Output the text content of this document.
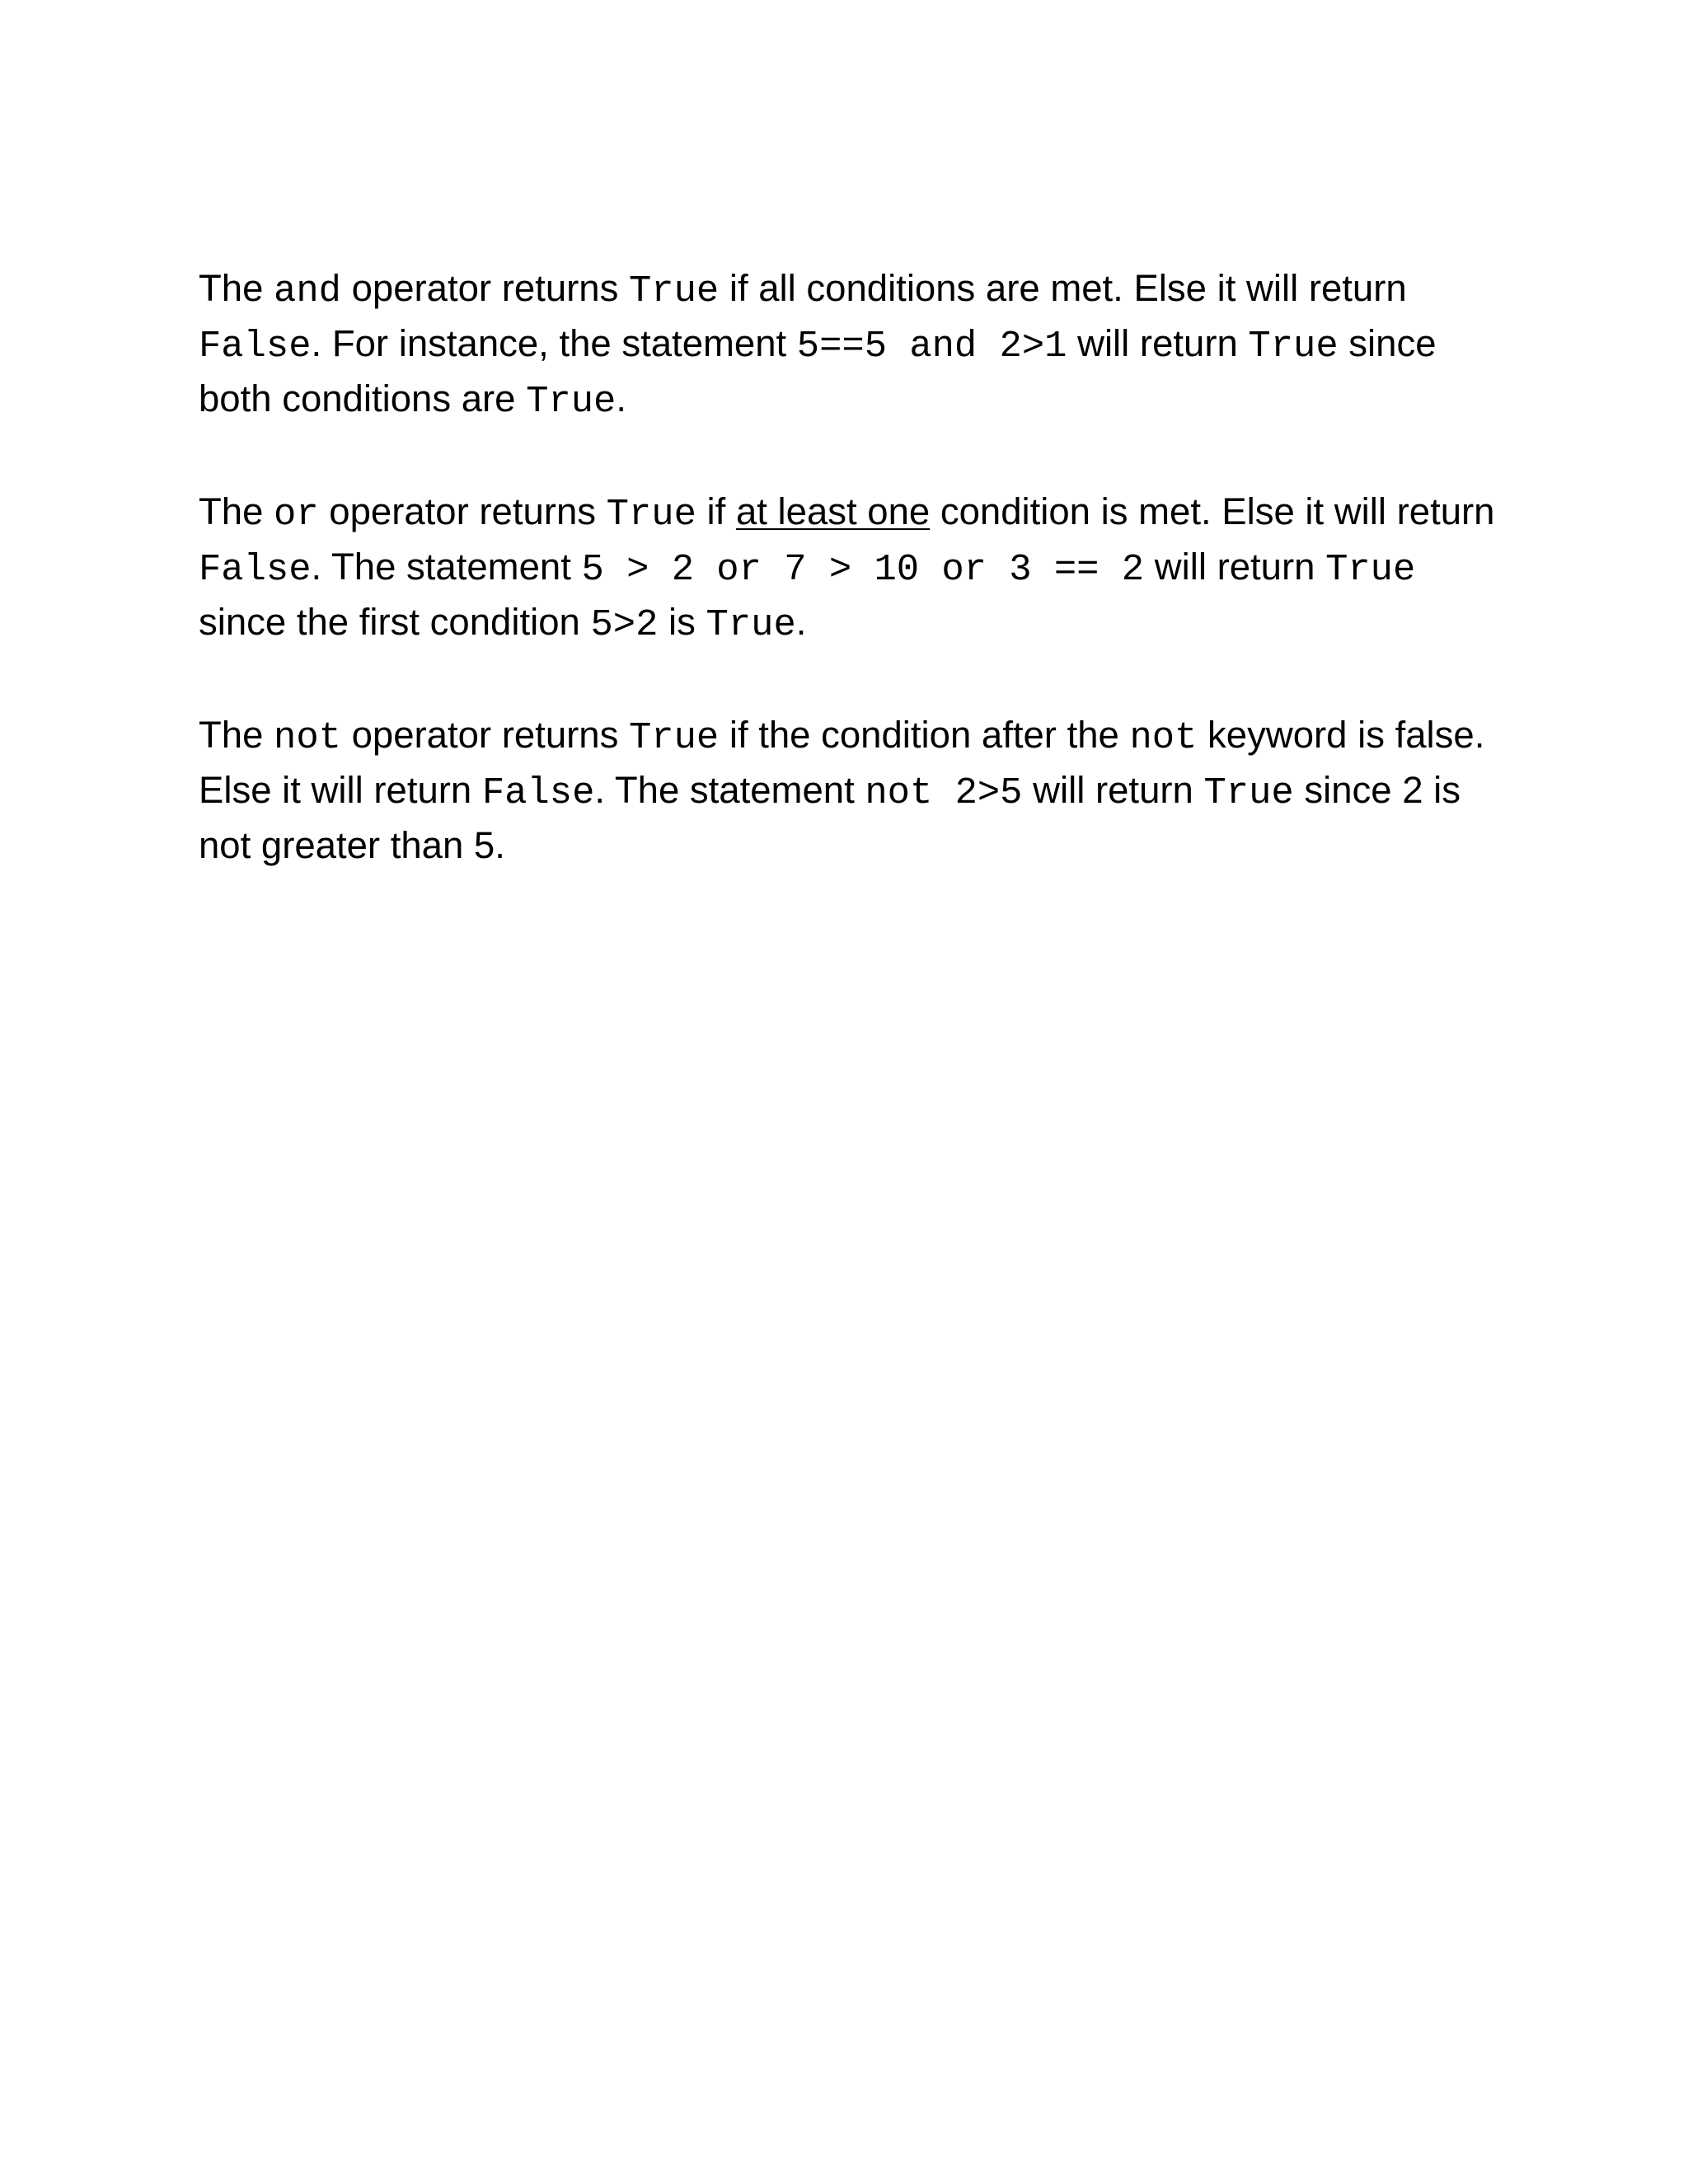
The and operator returns True if all conditions are met. Else it will return False. For instance, the statement 5==5 and 2>1 will return True since both conditions are True.

The or operator returns True if at least one condition is met. Else it will return False. The statement 5 > 2 or 7 > 10 or 3 == 2 will return True since the first condition 5>2 is True.

The not operator returns True if the condition after the not keyword is false. Else it will return False. The statement not 2>5 will return True since 2 is not greater than 5.
